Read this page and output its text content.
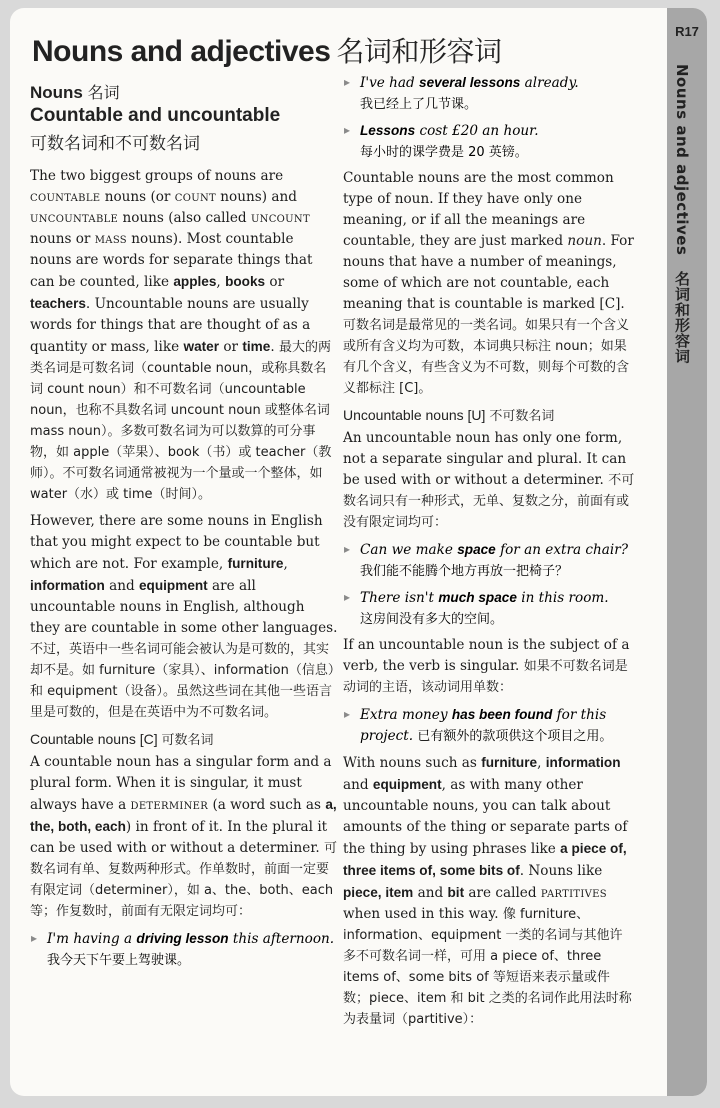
R17
Nouns and adjectives 名词和形容词
Nouns and adjectives 名词和形容词
Nouns 名词
Countable and uncountable
可数名词和不可数名词

The two biggest groups of nouns are countable nouns (or count nouns) and uncountable nouns (also called uncount nouns or mass nouns). Most countable nouns are words for separate things that can be counted, like apples, books or teachers. Uncountable nouns are usually words for things that are thought of as a quantity or mass, like water or time. 最大的两类名词是可数名词（countable noun，或称具数名词 count noun）和不可数名词（uncountable noun，也称不具数名词 uncount noun 或整体名词 mass noun）。多数可数名词为可以数算的可分事物，如 apple（苹果）、book（书）或 teacher（教师）。不可数名词通常被视为一个量或一个整体，如 water（水）或 time（时间）。

However, there are some nouns in English that you might expect to be countable but which are not. For example, furniture, information and equipment are all uncountable nouns in English, although they are countable in some other languages. 不过，英语中一些名词可能会被认为是可数的，其实却不是。如 furniture（家具）、information（信息）和 equipment（设备）。虽然这些词在其他一些语言里是可数的，但是在英语中为不可数名词。

Countable nouns [C] 可数名词

A countable noun has a singular form and a plural form. When it is singular, it must always have a determiner (a word such as a, the, both, each) in front of it. In the plural it can be used with or without a determiner. 可数名词有单、复数两种形式。作单数时，前面一定要有限定词（determiner），如 a、the、both、each 等；作复数时，前面有无限定词均可：

▸ I'm having a driving lesson this afternoon. 我今天下午要上驾驶课。
▸ I've had several lessons already.
我已经上了几节课。
▸ Lessons cost £20 an hour.
每小时的课学费是 20 英镑。

Countable nouns are the most common type of noun. If they have only one meaning, or if all the meanings are countable, they are just marked noun. For nouns that have a number of meanings, some of which are not countable, each meaning that is countable is marked [C]. 可数名词是最常见的一类名词。如果只有一个含义或所有含义均为可数，本词典只标注 noun；如果有几个含义，有些含义为不可数，则每个可数的含义都标注 [C]。

Uncountable nouns [U] 不可数名词

An uncountable noun has only one form, not a separate singular and plural. It can be used with or without a determiner. 不可数名词只有一种形式，无单、复数之分，前面有或没有限定词均可：

▸ Can we make space for an extra chair?
我们能不能腾个地方再放一把椅子？
▸ There isn't much space in this room.
这房间没有多大的空间。

If an uncountable noun is the subject of a verb, the verb is singular. 如果不可数名词是动词的主语，该动词用单数：

▸ Extra money has been found for this project. 已有额外的款项供这个项目之用。

With nouns such as furniture, information and equipment, as with many other uncountable nouns, you can talk about amounts of the thing or separate parts of the thing by using phrases like a piece of, three items of, some bits of. Nouns like piece, item and bit are called partitives when used in this way. 像 furniture、information、equipment 一类的名词与其他许多不可数名词一样，可用 a piece of、three items of、some bits of 等短语来表示量或件数；piece、item 和 bit 之类的名词作此用法时称为表量词（partitive）：
